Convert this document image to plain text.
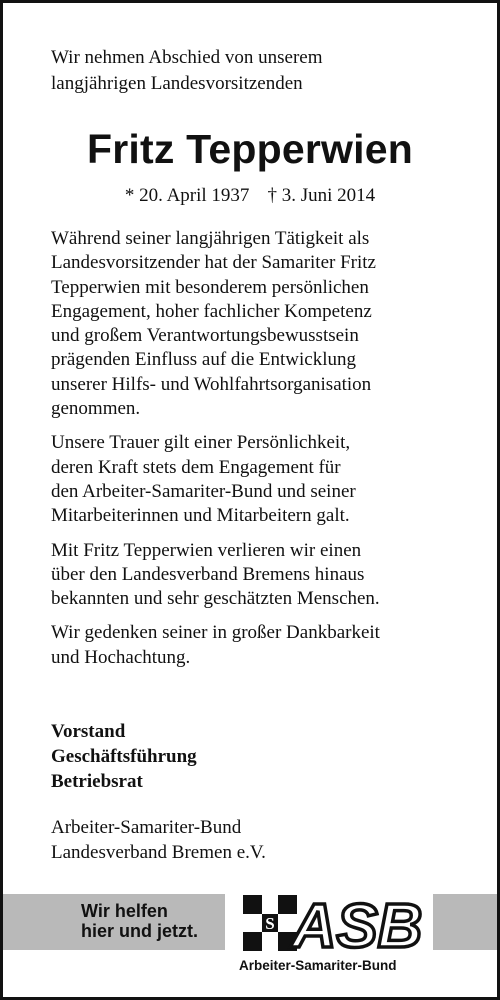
Wir nehmen Abschied von unserem
langjährigen Landesvorsitzenden
Fritz Tepperwien
* 20. April 1937 † 3. Juni 2014
Während seiner langjährigen Tätigkeit als
Landesvorsitzender hat der Samariter Fritz
Tepperwien mit besonderem persönlichen
Engagement, hoher fachlicher Kompetenz
und großem Verantwortungsbewusstsein
prägenden Einfluss auf die Entwicklung
unserer Hilfs- und Wohlfahrtsorganisation
genommen.
Unsere Trauer gilt einer Persönlichkeit,
deren Kraft stets dem Engagement für
den Arbeiter-Samariter-Bund und seiner
Mitarbeiterinnen und Mitarbeitern galt.
Mit Fritz Tepperwien verlieren wir einen
über den Landesverband Bremens hinaus
bekannten und sehr geschätzten Menschen.
Wir gedenken seiner in großer Dankbarkeit
und Hochachtung.
Vorstand
Geschäftsführung
Betriebsrat
Arbeiter-Samariter-Bund
Landesverband Bremen e.V.
Wir helfen
hier und jetzt.	S ASB
Arbeiter-Samariter-Bund
